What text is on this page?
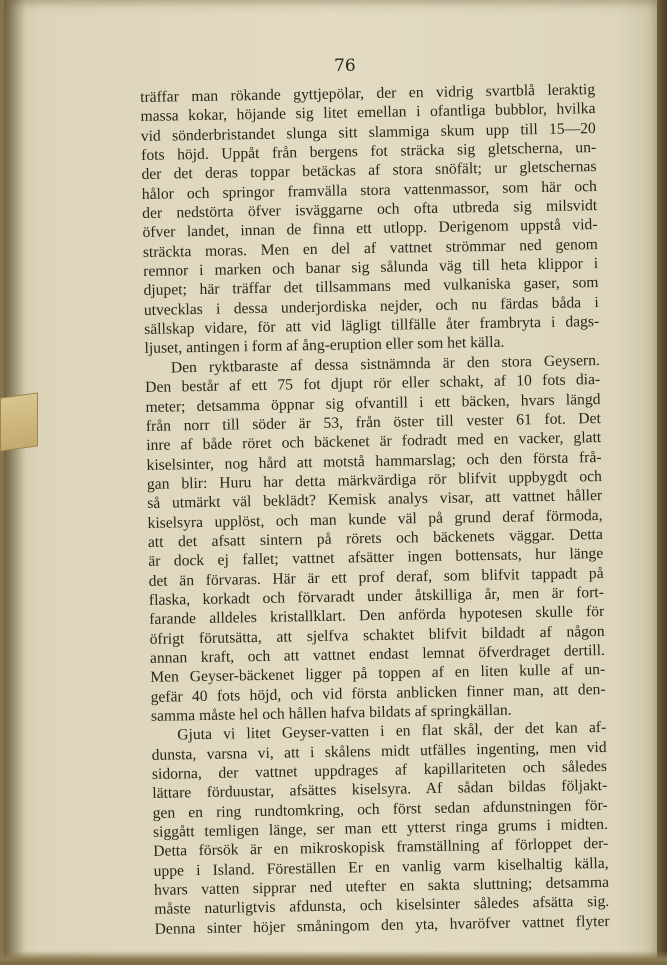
76
träffar man rökande gyttjepölar, der en vidrig svartblå leraktig
massa kokar, höjande sig litet emellan i ofantliga bubblor, hvilka
vid sönderbristandet slunga sitt slammiga skum upp till 15—20
fots höjd. Uppåt från bergens fot sträcka sig gletscherna, un-
der det deras toppar betäckas af stora snöfält; ur gletschernas
hålor och springor framvälla stora vattenmassor, som här och
der nedstörta öfver isväggarne och ofta utbreda sig milsvidt
öfver landet, innan de finna ett utlopp. Derigenom uppstå vid-
sträckta moras. Men en del af vattnet strömmar ned genom
remnor i marken och banar sig sålunda väg till heta klippor i
djupet; här träffar det tillsammans med vulkaniska gaser, som
utvecklas i dessa underjordiska nejder, och nu färdas båda i
sällskap vidare, för att vid lägligt tillfälle åter frambryta i dags-
ljuset, antingen i form af ång-eruption eller som het källa.
Den ryktbaraste af dessa sistnämnda är den stora Geysern.
Den består af ett 75 fot djupt rör eller schakt, af 10 fots dia-
meter; detsamma öppnar sig ofvantill i ett bäcken, hvars längd
från norr till söder är 53, från öster till vester 61 fot. Det
inre af både röret och bäckenet är fodradt med en vacker, glatt
kiselsinter, nog hård att motstå hammarslag; och den första frå-
gan blir: Huru har detta märkvärdiga rör blifvit uppbygdt och
så utmärkt väl beklädt? Kemisk analys visar, att vattnet håller
kiselsyra upplöst, och man kunde väl på grund deraf förmoda,
att det afsatt sintern på rörets och bäckenets väggar. Detta
är dock ej fallet; vattnet afsätter ingen bottensats, hur länge
det än förvaras. Här är ett prof deraf, som blifvit tappadt på
flaska, korkadt och förvaradt under åtskilliga år, men är fort-
farande alldeles kristallklart. Den anförda hypotesen skulle för
öfrigt förutsätta, att sjelfva schaktet blifvit bildadt af någon
annan kraft, och att vattnet endast lemnat öfverdraget dertill.
Men Geyser-bäckenet ligger på toppen af en liten kulle af un-
gefär 40 fots höjd, och vid första anblicken finner man, att den-
samma måste hel och hållen hafva bildats af springkällan.
Gjuta vi litet Geyser-vatten i en flat skål, der det kan af-
dunsta, varsna vi, att i skålens midt utfälles ingenting, men vid
sidorna, der vattnet uppdrages af kapillariteten och således
lättare förduustar, afsättes kiselsyra. Af sådan bildas följakt-
gen en ring rundtomkring, och först sedan afdunstningen för-
siggått temligen länge, ser man ett ytterst ringa grums i midten.
Detta försök är en mikroskopisk framställning af förloppet der-
uppe i Island. Föreställen Er en vanlig varm kiselhaltig källa,
hvars vatten sipprar ned utefter en sakta sluttning; detsamma
måste naturligtvis afdunsta, och kiselsinter således afsätta sig.
Denna sinter höjer småningom den yta, hvaröfver vattnet flyter
